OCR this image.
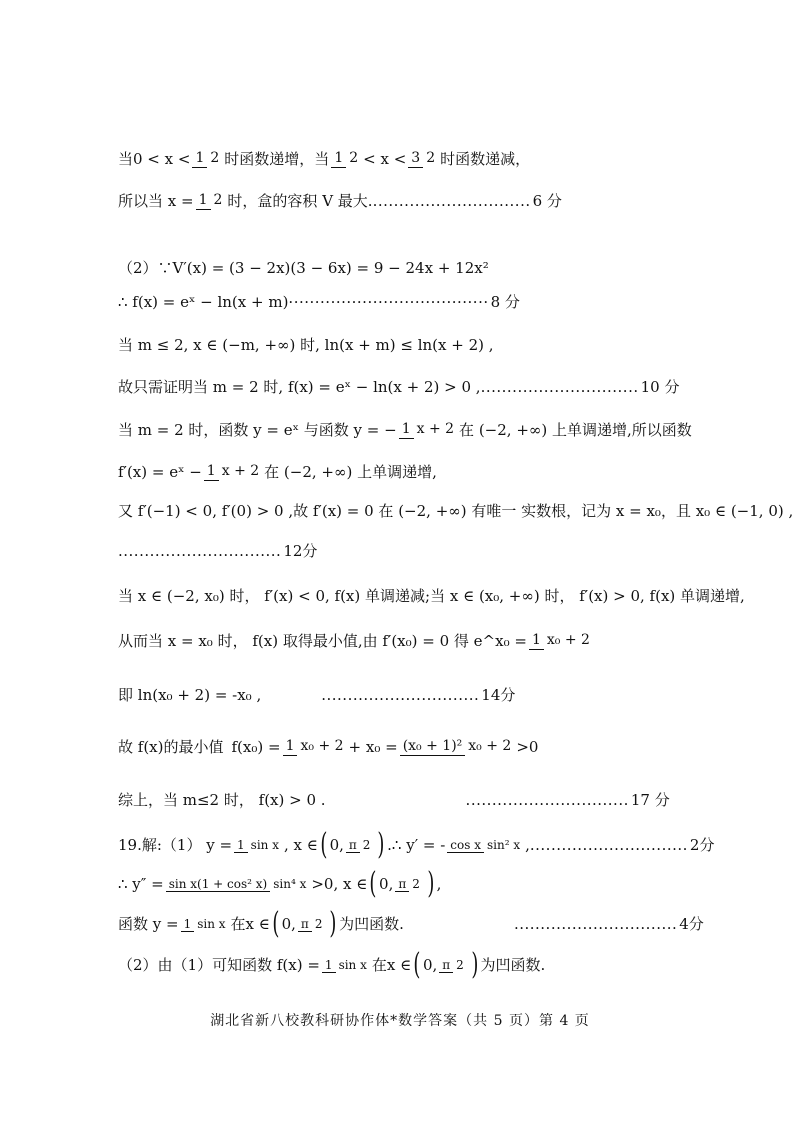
当0 < x < 1 2 时函数递增，当 1 2 < x < 3 2 时函数递减，
所以当 x = 1 2 时，盒的容积 V 最大. .............................. 6 分
（2）∵V′(x) = (3 − 2x)(3 − 6x) = 9 − 24x + 12x²
∴ f(x) = eˣ − ln(x + m) ······································ 8 分
当 m ≤ 2, x ∈ (−m, +∞) 时, ln(x + m) ≤ ln(x + 2) ,
故只需证明当 m = 2 时, f(x) = eˣ − ln(x + 2) > 0 , .............................. 10 分
当 m = 2 时，函数 y = eˣ 与函数 y = − 1 x + 2 在 (−2, +∞) 上单调递增,所以函数
f′(x) = eˣ − 1 x + 2 在 (−2, +∞) 上单调递增,
又 f′(−1) < 0, f′(0) > 0 ,故 f′(x) = 0 在 (−2, +∞) 有唯一 实数根，记为 x = x₀，且 x₀ ∈ (−1, 0) ,
............................... 12分
当 x ∈ (−2, x₀) 时， f′(x) < 0, f(x) 单调递减;当 x ∈ (x₀, +∞) 时， f′(x) > 0, f(x) 单调递增,
从而当 x = x₀ 时， f(x) 取得最小值,由 f′(x₀) = 0 得 e^x₀ = 1 x₀ + 2
即 ln(x₀ + 2) = -x₀ ,	.............................. 14分
故 f(x)的最小值 f(x₀) = 1 x₀ + 2 + x₀ = (x₀ + 1)² x₀ + 2 >0
综上，当 m≤2 时， f(x) > 0 .	............................... 17 分
19.解:（1） y = 1 sin x , x ∈ ( 0, π 2 ) .∴ y′ = - cos x sin² x , .............................. 2分
∴ y″ = sin x(1 + cos² x) sin⁴ x >0, x ∈ ( 0, π 2 ) ,
函数 y = 1 sin x 在x ∈ ( 0, π 2 ) 为凹函数.	............................... 4分
（2）由（1）可知函数 f(x) = 1 sin x 在x ∈ ( 0, π 2 ) 为凹函数.
湖北省新八校教科研协作体*数学答案（共 5 页）第 4 页
